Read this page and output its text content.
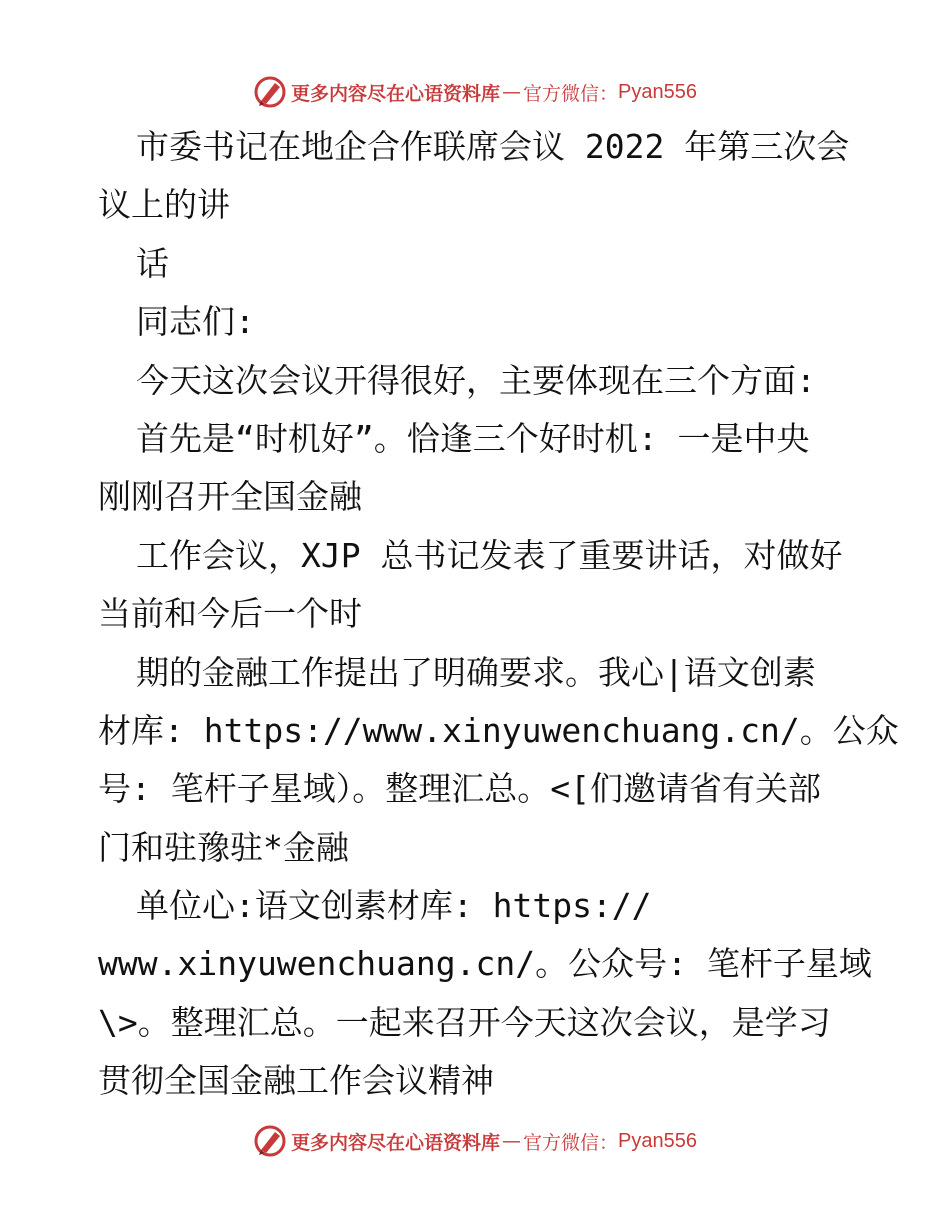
更多内容尽在心语资料库 — 官方微信： Pyan556
市委书记在地企合作联席会议 2022 年第三次会
议上的讲
话
同志们:
今天这次会议开得很好，主要体现在三个方面:
首先是“时机好”。恰逢三个好时机: 一是中央
刚刚召开全国金融
工作会议，XJP 总书记发表了重要讲话，对做好
当前和今后一个时
期的金融工作提出了明确要求。我心|语文创素
材库: https://www.xinyuwenchuang.cn/。公众
号: 笔杆子星域）。整理汇总。<[们邀请省有关部
门和驻豫驻*金融
单位心:语文创素材库: https://
www.xinyuwenchuang.cn/。公众号: 笔杆子星域
\>。整理汇总。一起来召开今天这次会议，是学习
贯彻全国金融工作会议精神
更多内容尽在心语资料库 — 官方微信： Pyan556
